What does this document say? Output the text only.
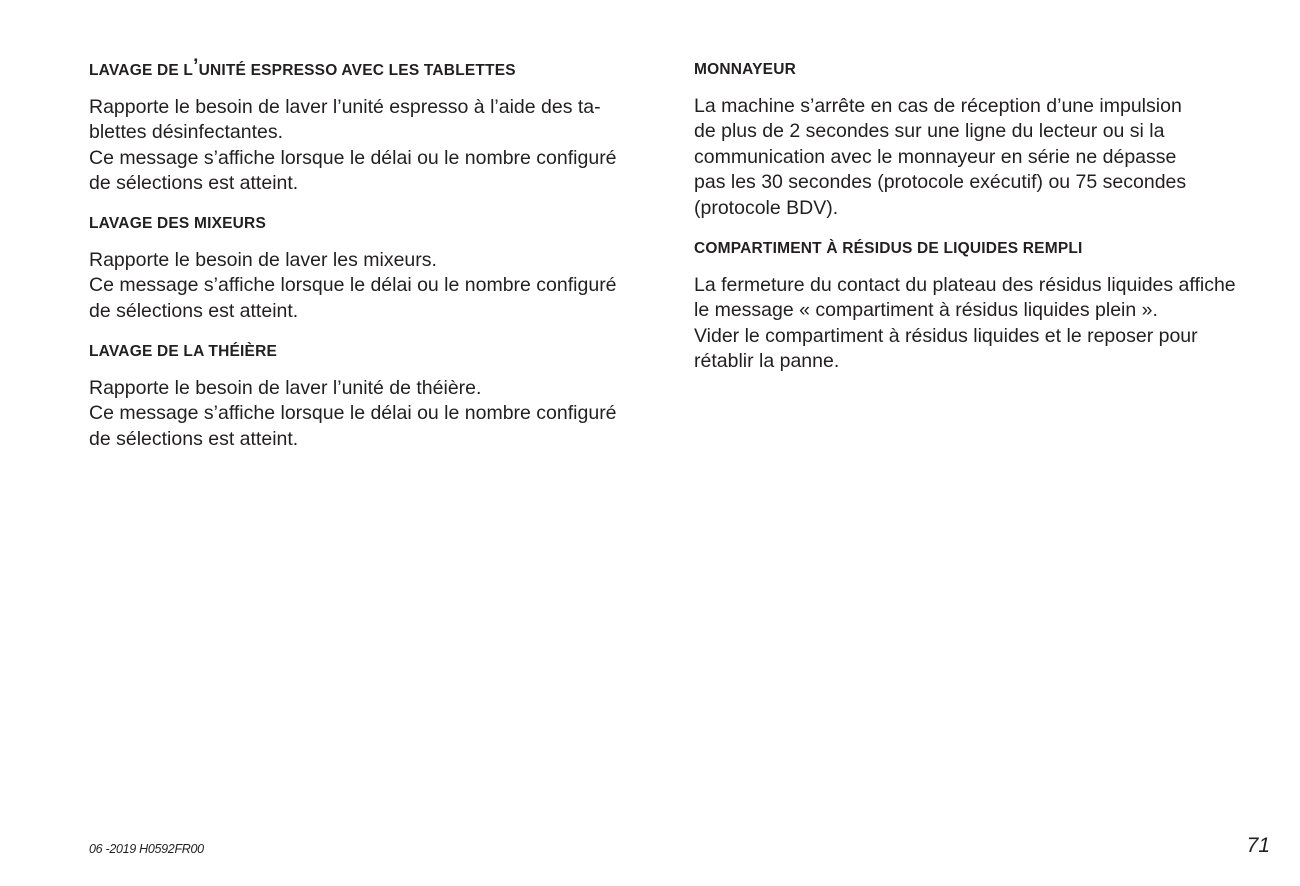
LAVAGE DE L’UNITÉ ESPRESSO AVEC LES TABLETTES

Rapporte le besoin de laver l’unité espresso à l’aide des ta-
blettes désinfectantes.
Ce message s’affiche lorsque le délai ou le nombre configuré
de sélections est atteint.

LAVAGE DES MIXEURS

Rapporte le besoin de laver les mixeurs.
Ce message s’affiche lorsque le délai ou le nombre configuré
de sélections est atteint.

LAVAGE DE LA THÉIÈRE

Rapporte le besoin de laver l’unité de théière.
Ce message s’affiche lorsque le délai ou le nombre configuré
de sélections est atteint.

MONNAYEUR

La machine s’arrête en cas de réception d’une impulsion
de plus de 2 secondes sur une ligne du lecteur ou si la
communication avec le monnayeur en série ne dépasse
pas les 30 secondes (protocole exécutif) ou 75 secondes
(protocole BDV).

COMPARTIMENT À RÉSIDUS DE LIQUIDES REMPLI

La fermeture du contact du plateau des résidus liquides affiche
le message « compartiment à résidus liquides plein ».
Vider le compartiment à résidus liquides et le reposer pour
rétablir la panne.

06 -2019 H0592FR00	71
